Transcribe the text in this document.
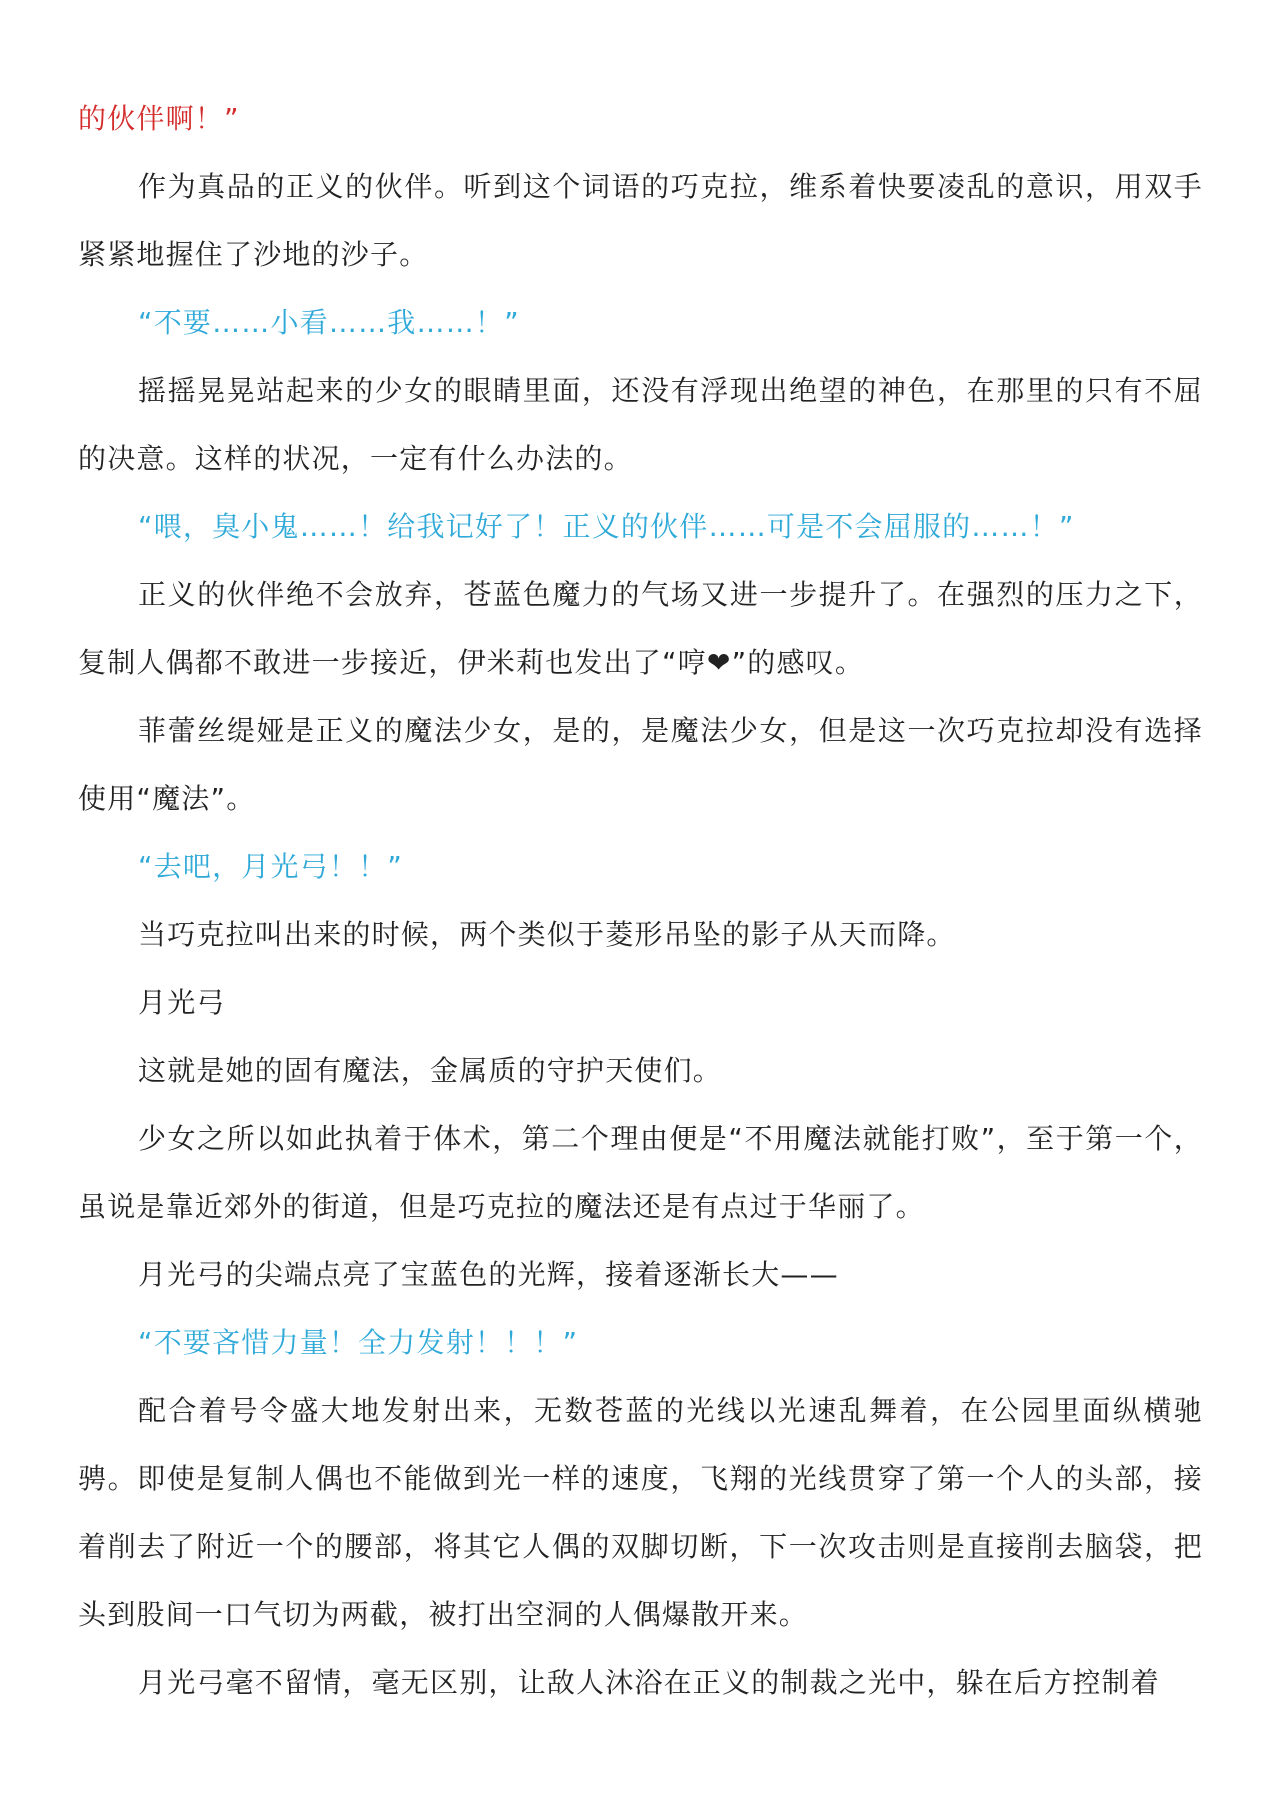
的伙伴啊！”

作为真品的正义的伙伴。听到这个词语的巧克拉，维系着快要凌乱的意识，用双手紧紧地握住了沙地的沙子。

“不要……小看……我……！”

摇摇晃晃站起来的少女的眼睛里面，还没有浮现出绝望的神色，在那里的只有不屈的决意。这样的状况，一定有什么办法的。

“喂，臭小鬼……！给我记好了！正义的伙伴……可是不会屈服的……！”

正义的伙伴绝不会放弃，苍蓝色魔力的气场又进一步提升了。在强烈的压力之下，复制人偶都不敢进一步接近，伊米莉也发出了“哼❤”的感叹。

菲蕾丝缇娅是正义的魔法少女，是的，是魔法少女，但是这一次巧克拉却没有选择使用“魔法”。

“去吧，月光弓！！”

当巧克拉叫出来的时候，两个类似于菱形吊坠的影子从天而降。

月光弓

这就是她的固有魔法，金属质的守护天使们。

少女之所以如此执着于体术，第二个理由便是“不用魔法就能打败”，至于第一个，虽说是靠近郊外的街道，但是巧克拉的魔法还是有点过于华丽了。

月光弓的尖端点亮了宝蓝色的光辉，接着逐渐长大——

“不要吝惜力量！全力发射！！！”

配合着号令盛大地发射出来，无数苍蓝的光线以光速乱舞着，在公园里面纵横驰骋。即使是复制人偶也不能做到光一样的速度，飞翔的光线贯穿了第一个人的头部，接着削去了附近一个的腰部，将其它人偶的双脚切断，下一次攻击则是直接削去脑袋，把头到股间一口气切为两截，被打出空洞的人偶爆散开来。

月光弓毫不留情，毫无区别，让敌人沐浴在正义的制裁之光中，躲在后方控制着
